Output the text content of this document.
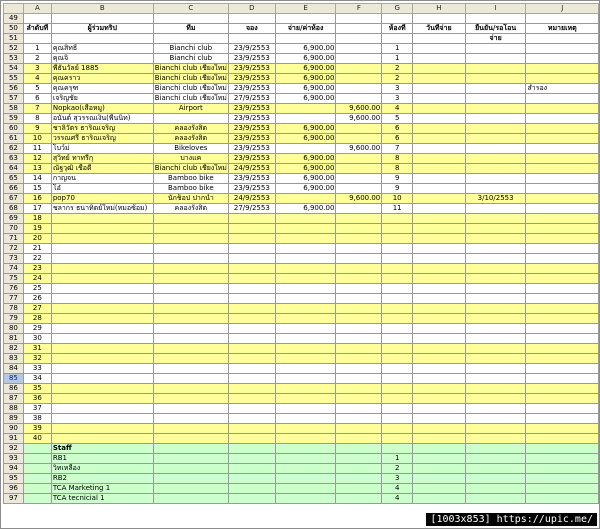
	A	B	C	D	E	F	G	H	I	J
49										
50	ลำดับที่	ผู้ร่วมทริป	ทีม	จอง	จ่าย/ค่าห้อง		ห้องที่	วันที่จ่าย	ยืนยัน/รอโอน	หมายเหตุ
51									จ่าย	
52	1	คุณสิทธิ์	Bianchi club	23/9/2553	6,900.00		1			
53	2	คุณจิ	Bianchi club	23/9/2553	6,900.00		1			
54	3	พี่ธันวัลย์ 1885	Bianchi club เชียงใหม่	23/9/2553	6,900.00		2			
55	4	คุณคราว	Bianchi club เชียงใหม่	23/9/2553	6,900.00		2			
56	5	คุณครุฑ	Bianchi club เชียงใหม่	23/9/2553	6,900.00		3			สำรอง
57	6	เจริญชัย	Bianchi club เชียงใหม่	27/9/2553	6,900.00		3			
58	7	Nopkao(เสือหมู)	Airport	23/9/2553		9,600.00	4			
59	8	อนันต์ สุวรรณเงิน(พี่นนิท)		23/9/2553		9,600.00	5			
60	9	ชาลิวัตร ธาริณเจริญ	คลองรังสิต	23/9/2553	6,900.00		6			
61	10	วรรณศรี ธาริณเจริญ	คลองรังสิต	23/9/2553	6,900.00		6			
62	11	โบว์ม่	Bikeloves	23/9/2553		9,600.00	7			
63	12	สุวิทย์ ทาทรีกุ	บางแค	23/9/2553	6,900.00		8			
64	13	ณัฐวุฒิ เชื้อดี	Bianchi club เชียงใหม่	24/9/2553	6,900.00		8			
65	14	กาญจน	Bamboo bike	23/9/2553	6,900.00		9			
66	15	โอ๋	Bamboo bike	23/9/2553	6,900.00		9			
67	16	pop70	นักช็อป ปากน้ำ	24/9/2553		9,600.00	10		3/10/2553	
68	17	ชลากร ธนาทิตย์ใหม่(หมอซ้อม)	คลองรังสิต	27/9/2553	6,900.00		11			
69	18									
70	19									
71	20									
72	21									
73	22									
74	23									
75	24									
76	25									
77	26									
78	27									
79	28									
80	29									
81	30									
82	31									
83	32									
84	33									
85	34									
86	35									
87	36									
88	37									
89	38									
90	39									
91	40									
92		Staff								
93		RB1					1			
94		วิทเหลือง					2			
95		RB2					3			
96		TCA Marketing 1					4			
97		TCA tecnicial 1					4			
[1003x853] https://upic.me/
